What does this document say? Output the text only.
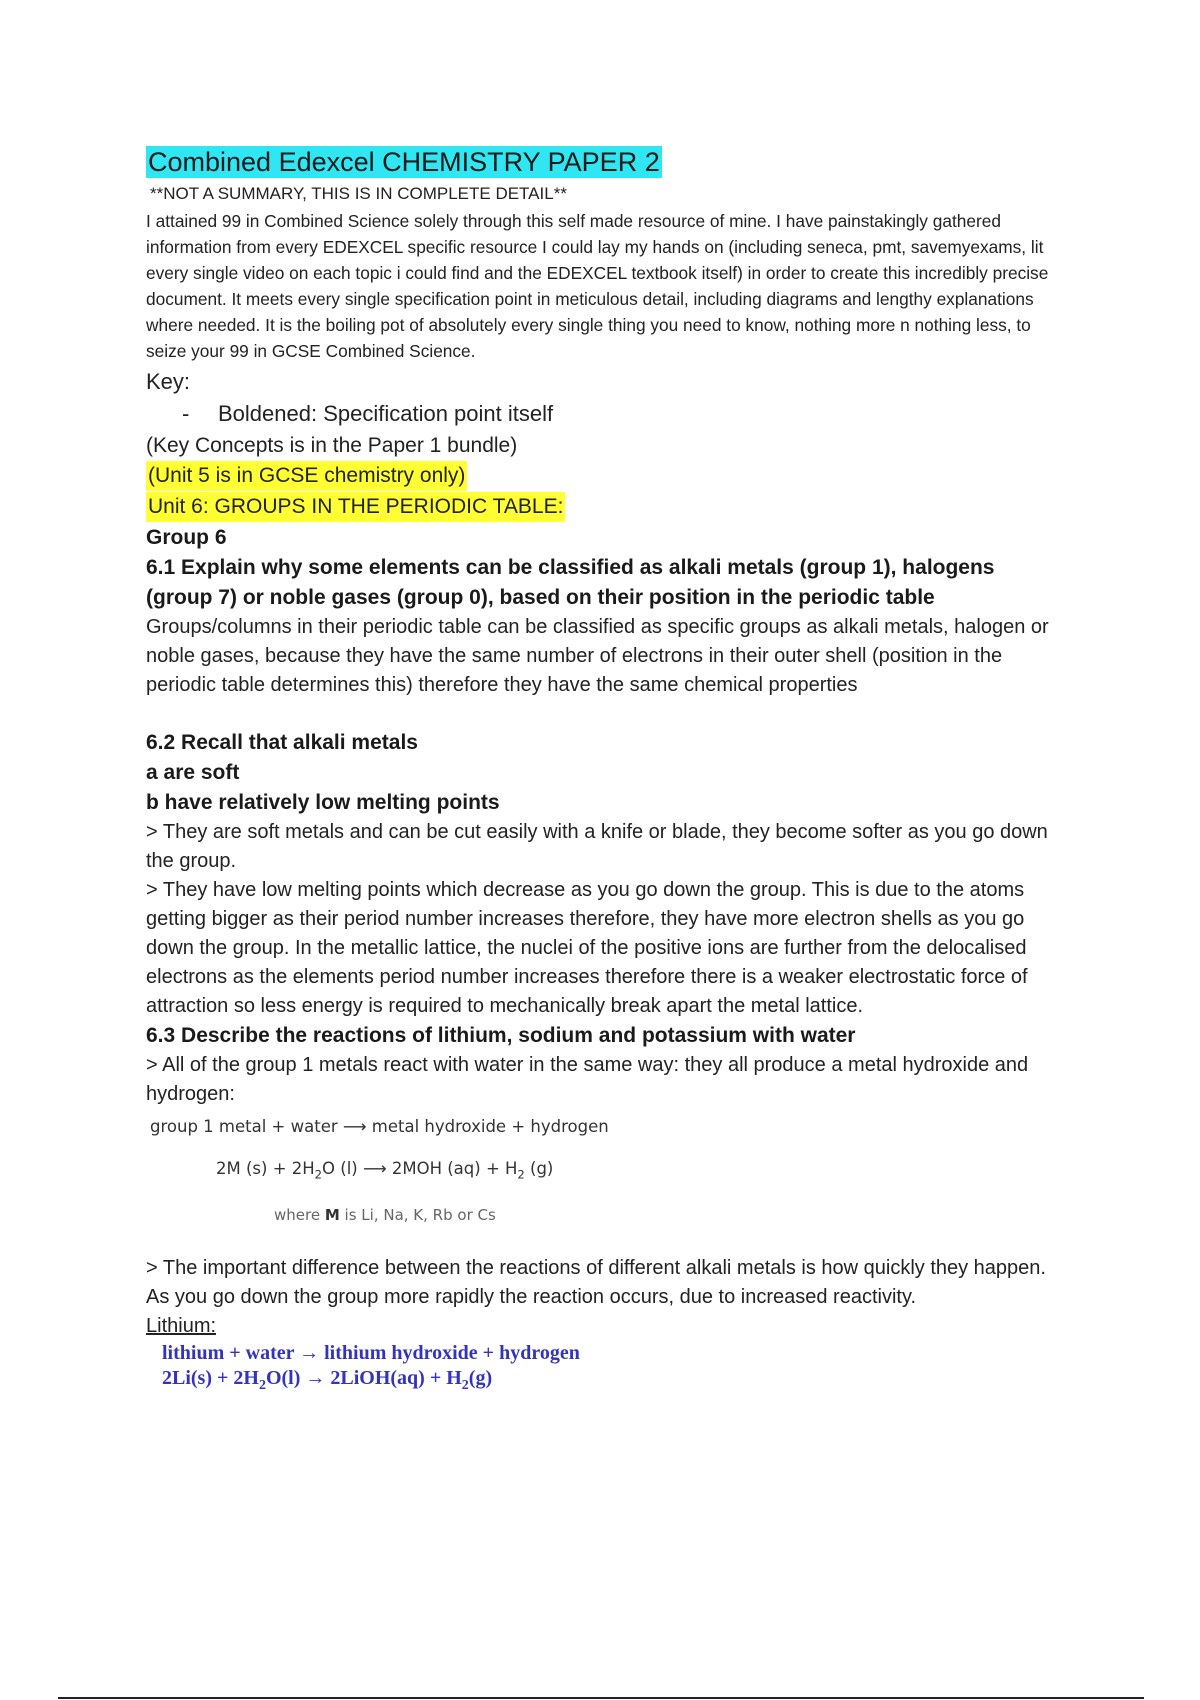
Combined Edexcel CHEMISTRY PAPER 2
**NOT A SUMMARY, THIS IS IN COMPLETE DETAIL**
I attained 99 in Combined Science solely through this self made resource of mine. I have painstakingly gathered information from every EDEXCEL specific resource I could lay my hands on (including seneca, pmt, savemyexams, lit every single video on each topic i could find and the EDEXCEL textbook itself) in order to create this incredibly precise document. It meets every single specification point in meticulous detail, including diagrams and lengthy explanations where needed. It is the boiling pot of absolutely every single thing you need to know, nothing more n nothing less, to seize your 99 in GCSE Combined Science.
Key:
- Boldened: Specification point itself
(Key Concepts is in the Paper 1 bundle)
(Unit 5 is in GCSE chemistry only)
Unit 6: GROUPS IN THE PERIODIC TABLE:
Group 6
6.1 Explain why some elements can be classified as alkali metals (group 1), halogens (group 7) or noble gases (group 0), based on their position in the periodic table
Groups/columns in their periodic table can be classified as specific groups as alkali metals, halogen or noble gases, because they have the same number of electrons in their outer shell (position in the periodic table determines this) therefore they have the same chemical properties
6.2 Recall that alkali metals
a are soft
b have relatively low melting points
> They are soft metals and can be cut easily with a knife or blade, they become softer as you go down the group.
> They have low melting points which decrease as you go down the group. This is due to the atoms getting bigger as their period number increases therefore, they have more electron shells as you go down the group. In the metallic lattice, the nuclei of the positive ions are further from the delocalised electrons as the elements period number increases therefore there is a weaker electrostatic force of attraction so less energy is required to mechanically break apart the metal lattice.
6.3 Describe the reactions of lithium, sodium and potassium with water
> All of the group 1 metals react with water in the same way: they all produce a metal hydroxide and hydrogen:
group 1 metal + water ⟶ metal hydroxide + hydrogen
2M $(s) + 2H_2O$ (l) ⟶ 2MOH $(aq) + H_2$ (g)
where M is Li, Na, K, Rb or Cs
> The important difference between the reactions of different alkali metals is how quickly they happen. As you go down the group more rapidly the reaction occurs, due to increased reactivity.
Lithium:
lithium + water → lithium hydroxide + hydrogen
$2Li(s) + 2H_2O(l)$ → 2LiOH(aq) + $H_2(g)$
